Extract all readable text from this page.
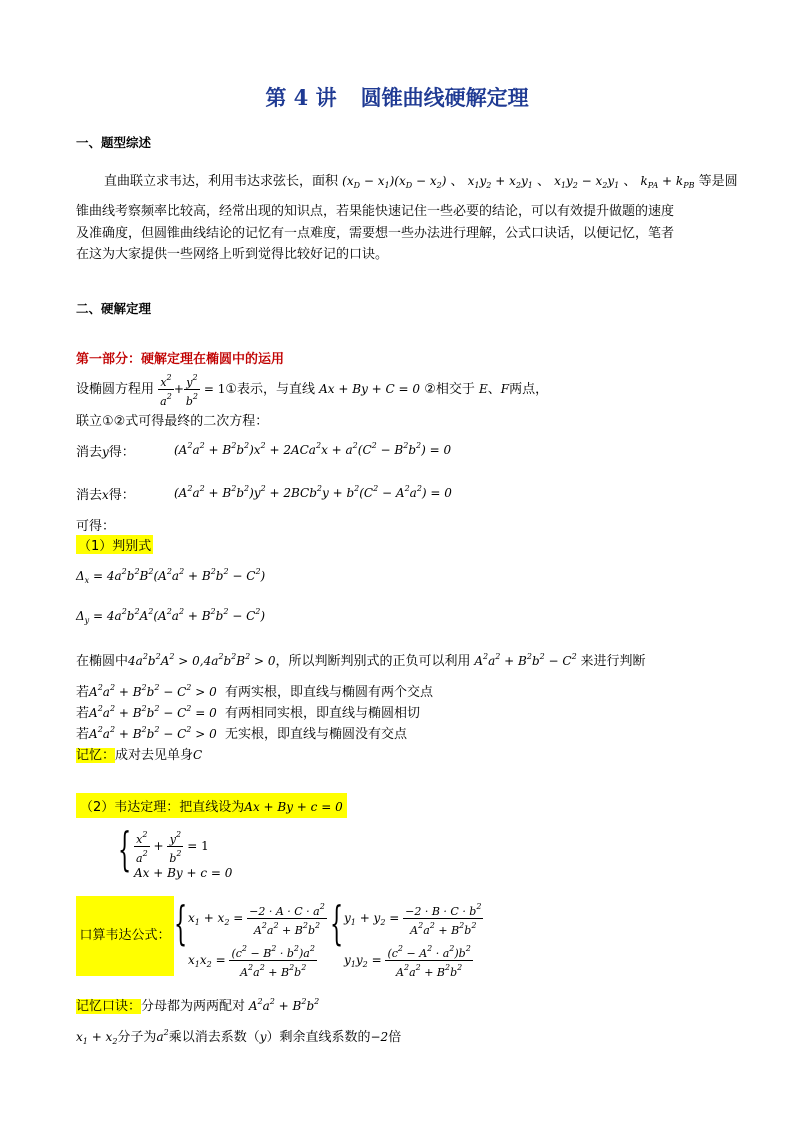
第 4 讲 圆锥曲线硬解定理
一、题型综述
直曲联立求韦达，利用韦达求弦长，面积 $(x_D - x_1)(x_D - x_2)$ 、 $x_1y_2 + x_2y_1$ 、 $x_1y_2 - x_2y_1$ 、 $k_{PA} + k_{PB}$ 等是圆
锥曲线考察频率比较高，经常出现的知识点，若果能快速记住一些必要的结论，可以有效提升做题的速度
及准确度，但圆锥曲线结论的记忆有一点难度，需要想一些办法进行理解，公式口诀话，以便记忆，笔者
在这为大家提供一些网络上听到觉得比较好记的口诀。
二、硬解定理
第一部分：硬解定理在椭圆中的运用
设椭圆方程用 $\frac{x^2}{a^2} + \frac{y^2}{b^2}$ = 1①表示，与直线 Ax + By + C = 0 ②相交于 E、F两点，
联立①②式可得最终的二次方程：
消去y得：	$(A^2a^2 + B^2b^2)x^2 + 2ACa^2x + a^2(C^2 - B^2b^2) = 0$
消去x得：	$(A^2a^2 + B^2b^2)y^2 + 2BCb^2y + b^2(C^2 - A^2a^2) = 0$
可得：
（1）判别式
$\Delta_x = 4a^2b^2B^2(A^2a^2 + B^2b^2 - C^2)$
$\Delta_y = 4a^2b^2A^2(A^2a^2 + B^2b^2 - C^2)$
在椭圆中$4a^2b^2A^2 > 0,4a^2b^2B^2 > 0$，所以判断判别式的正负可以利用 $A^2a^2 + B^2b^2 - C^2$ 来进行判断
若$A^2a^2 + B^2b^2 - C^2 > 0$ 有两实根，即直线与椭圆有两个交点
若$A^2a^2 + B^2b^2 - C^2 = 0$ 有两相同实根，即直线与椭圆相切
若$A^2a^2 + B^2b^2 - C^2 > 0$ 无实根，即直线与椭圆没有交点
记忆：成对去见单身C
（2）韦达定理：把直线设为Ax + By + c = 0
{ $\frac{x^2}{a^2} + \frac{y^2}{b^2} = 1$
Ax + By + c = 0
口算韦达公式： { $x_1 + x_2 = \frac{-2 \cdot A \cdot C \cdot a^2}{A^2a^2 + B^2b^2}$
$x_1x_2 = \frac{(c^2 - B^2 \cdot b^2)a^2}{A^2a^2 + B^2b^2}$
{ $y_1 + y_2 = \frac{-2 \cdot B \cdot C \cdot b^2}{A^2a^2 + B^2b^2}$
$y_1y_2 = \frac{(c^2 - A^2 \cdot a^2)b^2}{A^2a^2 + B^2b^2}$
记忆口诀：分母都为两两配对 $A^2a^2 + B^2b^2$
$x_1 + x_2$分子为$a^2$乘以消去系数（y）剩余直线系数的−2倍
